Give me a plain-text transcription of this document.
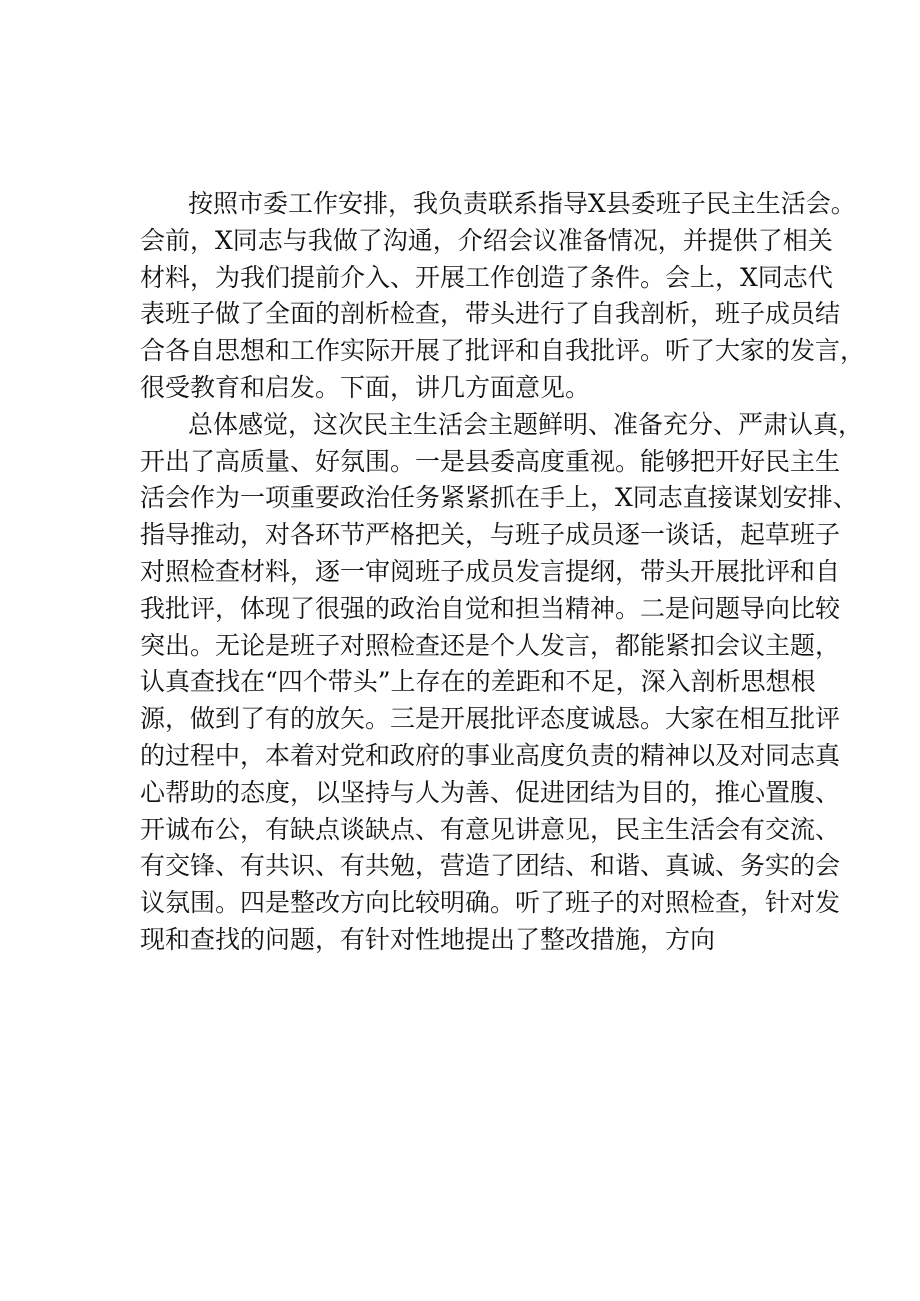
按照市委工作安排，我负责联系指导X县委班子民主生活会。
会前，X同志与我做了沟通，介绍会议准备情况，并提供了相关
材料，为我们提前介入、开展工作创造了条件。会上，X同志代
表班子做了全面的剖析检查，带头进行了自我剖析，班子成员结
合各自思想和工作实际开展了批评和自我批评。听了大家的发言，
很受教育和启发。下面，讲几方面意见。
总体感觉，这次民主生活会主题鲜明、准备充分、严肃认真，
开出了高质量、好氛围。一是县委高度重视。能够把开好民主生
活会作为一项重要政治任务紧紧抓在手上，X同志直接谋划安排、
指导推动，对各环节严格把关，与班子成员逐一谈话，起草班子
对照检查材料，逐一审阅班子成员发言提纲，带头开展批评和自
我批评，体现了很强的政治自觉和担当精神。二是问题导向比较
突出。无论是班子对照检查还是个人发言，都能紧扣会议主题，
认真查找在“四个带头”上存在的差距和不足，深入剖析思想根
源，做到了有的放矢。三是开展批评态度诚恳。大家在相互批评
的过程中，本着对党和政府的事业高度负责的精神以及对同志真
心帮助的态度，以坚持与人为善、促进团结为目的，推心置腹、
开诚布公，有缺点谈缺点、有意见讲意见，民主生活会有交流、
有交锋、有共识、有共勉，营造了团结、和谐、真诚、务实的会
议氛围。四是整改方向比较明确。听了班子的对照检查，针对发
现和查找的问题，有针对性地提出了整改措施，方向
